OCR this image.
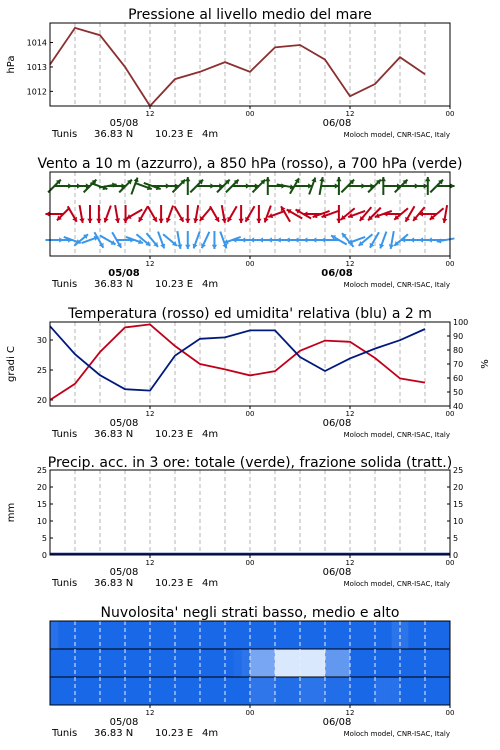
Pressione al livello medio del mare
1012
1013
1014
hPa
12	00	12	00
05/08	06/08
Tunis 36.83 N 10.23 E 4m	Moloch model, CNR-ISAC, Italy
Vento a 10 m (azzurro), a 850 hPa (rosso), a 700 hPa (verde)
12	00	12	00
05/08	06/08
Tunis 36.83 N 10.23 E 4m	Moloch model, CNR-ISAC, Italy
Temperatura (rosso) ed umidita' relativa (blu) a 2 m
20
25
30
40
50
60
70
80
90
100
gradi C	%
12	00	12	00
05/08	06/08
Tunis 36.83 N 10.23 E 4m	Moloch model, CNR-ISAC, Italy
Precip. acc. in 3 ore: totale (verde), frazione solida (tratt.)
0	0
5	5
10	10
15	15
20	20
25	25
mm
12	00	12	00
05/08	06/08
Tunis 36.83 N 10.23 E 4m	Moloch model, CNR-ISAC, Italy
Nuvolosita' negli strati basso, medio e alto
12	00	12	00
05/08	06/08
Tunis 36.83 N 10.23 E 4m	Moloch model, CNR-ISAC, Italy
